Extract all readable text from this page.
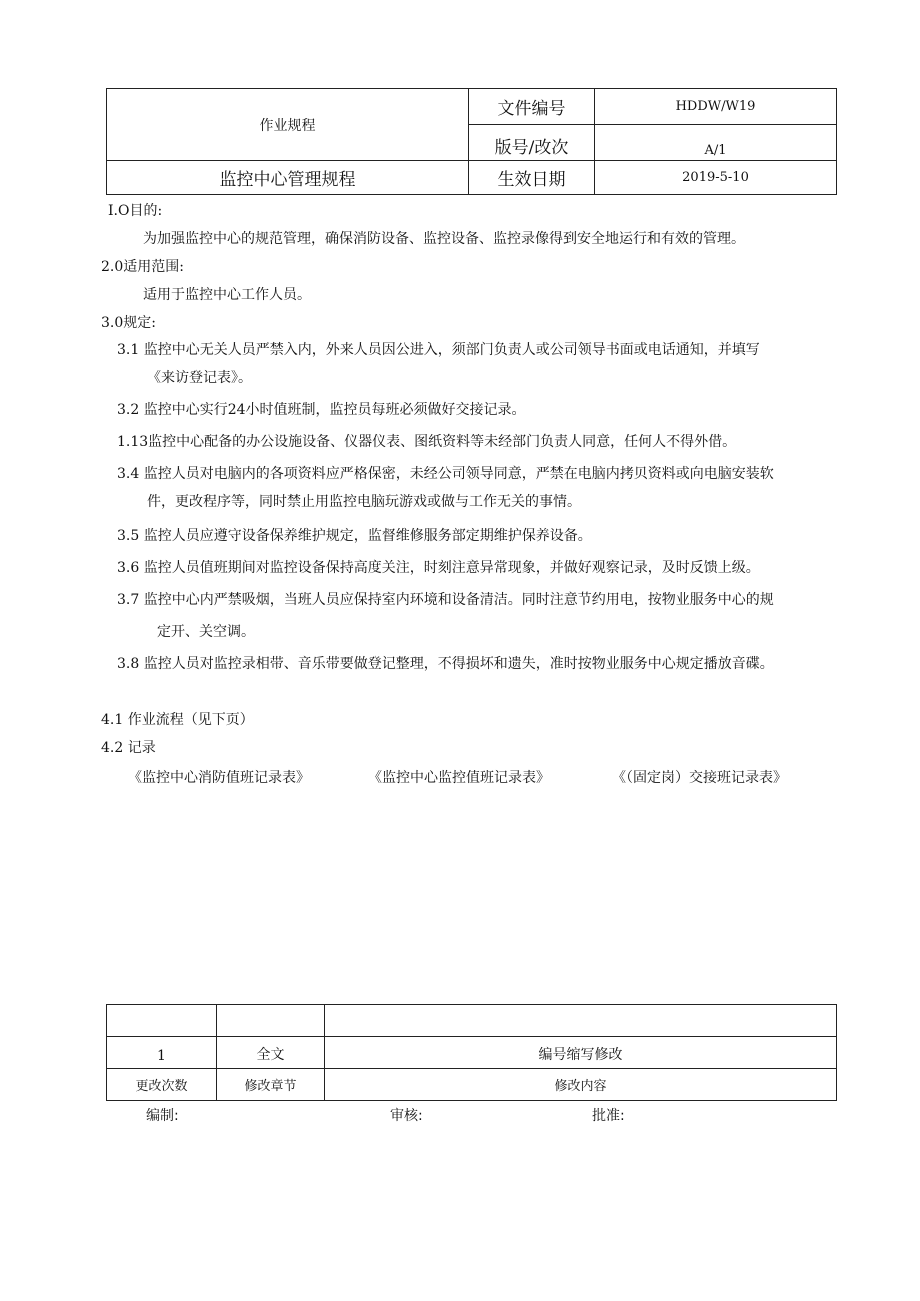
作业规程	文件编号	HDDW/W19
	版号/改次	A/1
监控中心管理规程	生效日期	2019-5-10
I.O目的:
为加强监控中心的规范管理，确保消防设备、监控设备、监控录像得到安全地运行和有效的管理。
2.0适用范围:
适用于监控中心工作人员。
3.0规定:
3.1 监控中心无关人员严禁入内，外来人员因公进入，须部门负责人或公司领导书面或电话通知，并填写
《来访登记表》。
3.2 监控中心实行24小时值班制，监控员每班必须做好交接记录。
1.13监控中心配备的办公设施设备、仪器仪表、图纸资料等未经部门负责人同意，任何人不得外借。
3.4 监控人员对电脑内的各项资料应严格保密，未经公司领导同意，严禁在电脑内拷贝资料或向电脑安装软
件，更改程序等，同时禁止用监控电脑玩游戏或做与工作无关的事情。
3.5 监控人员应遵守设备保养维护规定，监督维修服务部定期维护保养设备。
3.6 监控人员值班期间对监控设备保持高度关注，时刻注意异常现象，并做好观察记录，及时反馈上级。
3.7 监控中心内严禁吸烟，当班人员应保持室内环境和设备清洁。同时注意节约用电，按物业服务中心的规
定开、关空调。
3.8 监控人员对监控录相带、音乐带要做登记整理，不得损坏和遗失，准时按物业服务中心规定播放音碟。
4.1 作业流程（见下页）
4.2 记录
《监控中心消防值班记录表》	《监控中心监控值班记录表》	《（固定岗）交接班记录表》

1	全文	编号缩写修改
更改次数	修改章节	修改内容
编制:	审核:	批准:
